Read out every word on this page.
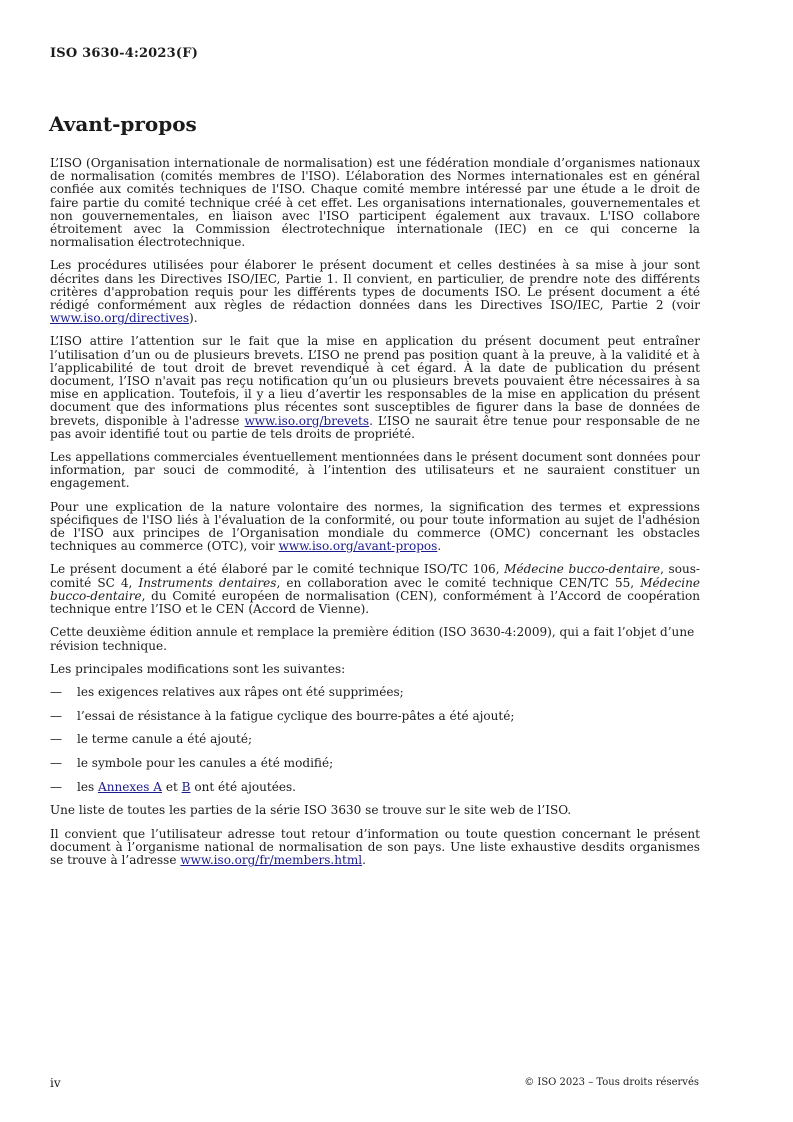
ISO 3630-4:2023(F)
Avant-propos

L’ISO (Organisation internationale de normalisation) est une fédération mondiale d’organismes nationaux de normalisation (comités membres de l'ISO). L’élaboration des Normes internationales est en général confiée aux comités techniques de l'ISO. Chaque comité membre intéressé par une étude a le droit de faire partie du comité technique créé à cet effet. Les organisations internationales, gouvernementales et non gouvernementales, en liaison avec l'ISO participent également aux travaux. L'ISO collabore étroitement avec la Commission électrotechnique internationale (IEC) en ce qui concerne la normalisation électrotechnique.

Les procédures utilisées pour élaborer le présent document et celles destinées à sa mise à jour sont décrites dans les Directives ISO/IEC, Partie 1. Il convient, en particulier, de prendre note des différents critères d'approbation requis pour les différents types de documents ISO. Le présent document a été rédigé conformément aux règles de rédaction données dans les Directives ISO/IEC, Partie 2 (voir www.iso.org/directives).

L’ISO attire l’attention sur le fait que la mise en application du présent document peut entraîner l’utilisation d’un ou de plusieurs brevets. L’ISO ne prend pas position quant à la preuve, à la validité et à l’applicabilité de tout droit de brevet revendiqué à cet égard. À la date de publication du présent document, l’ISO n'avait pas reçu notification qu’un ou plusieurs brevets pouvaient être nécessaires à sa mise en application. Toutefois, il y a lieu d’avertir les responsables de la mise en application du présent document que des informations plus récentes sont susceptibles de figurer dans la base de données de brevets, disponible à l'adresse www.iso.org/brevets. L’ISO ne saurait être tenue pour responsable de ne pas avoir identifié tout ou partie de tels droits de propriété.

Les appellations commerciales éventuellement mentionnées dans le présent document sont données pour information, par souci de commodité, à l’intention des utilisateurs et ne sauraient constituer un engagement.

Pour une explication de la nature volontaire des normes, la signification des termes et expressions spécifiques de l'ISO liés à l'évaluation de la conformité, ou pour toute information au sujet de l'adhésion de l'ISO aux principes de l’Organisation mondiale du commerce (OMC) concernant les obstacles techniques au commerce (OTC), voir www.iso.org/avant-propos.

Le présent document a été élaboré par le comité technique ISO/TC 106, Médecine bucco-dentaire, sous-comité SC 4, Instruments dentaires, en collaboration avec le comité technique CEN/TC 55, Médecine bucco-dentaire, du Comité européen de normalisation (CEN), conformément à l’Accord de coopération technique entre l’ISO et le CEN (Accord de Vienne).

Cette deuxième édition annule et remplace la première édition (ISO 3630-4:2009), qui a fait l’objet d’une révision technique.

Les principales modifications sont les suivantes:

— les exigences relatives aux râpes ont été supprimées;
— l’essai de résistance à la fatigue cyclique des bourre-pâtes a été ajouté;
— le terme canule a été ajouté;
— le symbole pour les canules a été modifié;
— les Annexes A et B ont été ajoutées.

Une liste de toutes les parties de la série ISO 3630 se trouve sur le site web de l’ISO.

Il convient que l’utilisateur adresse tout retour d’information ou toute question concernant le présent document à l’organisme national de normalisation de son pays. Une liste exhaustive desdits organismes se trouve à l’adresse www.iso.org/fr/members.html.

iv	© ISO 2023 – Tous droits réservés
